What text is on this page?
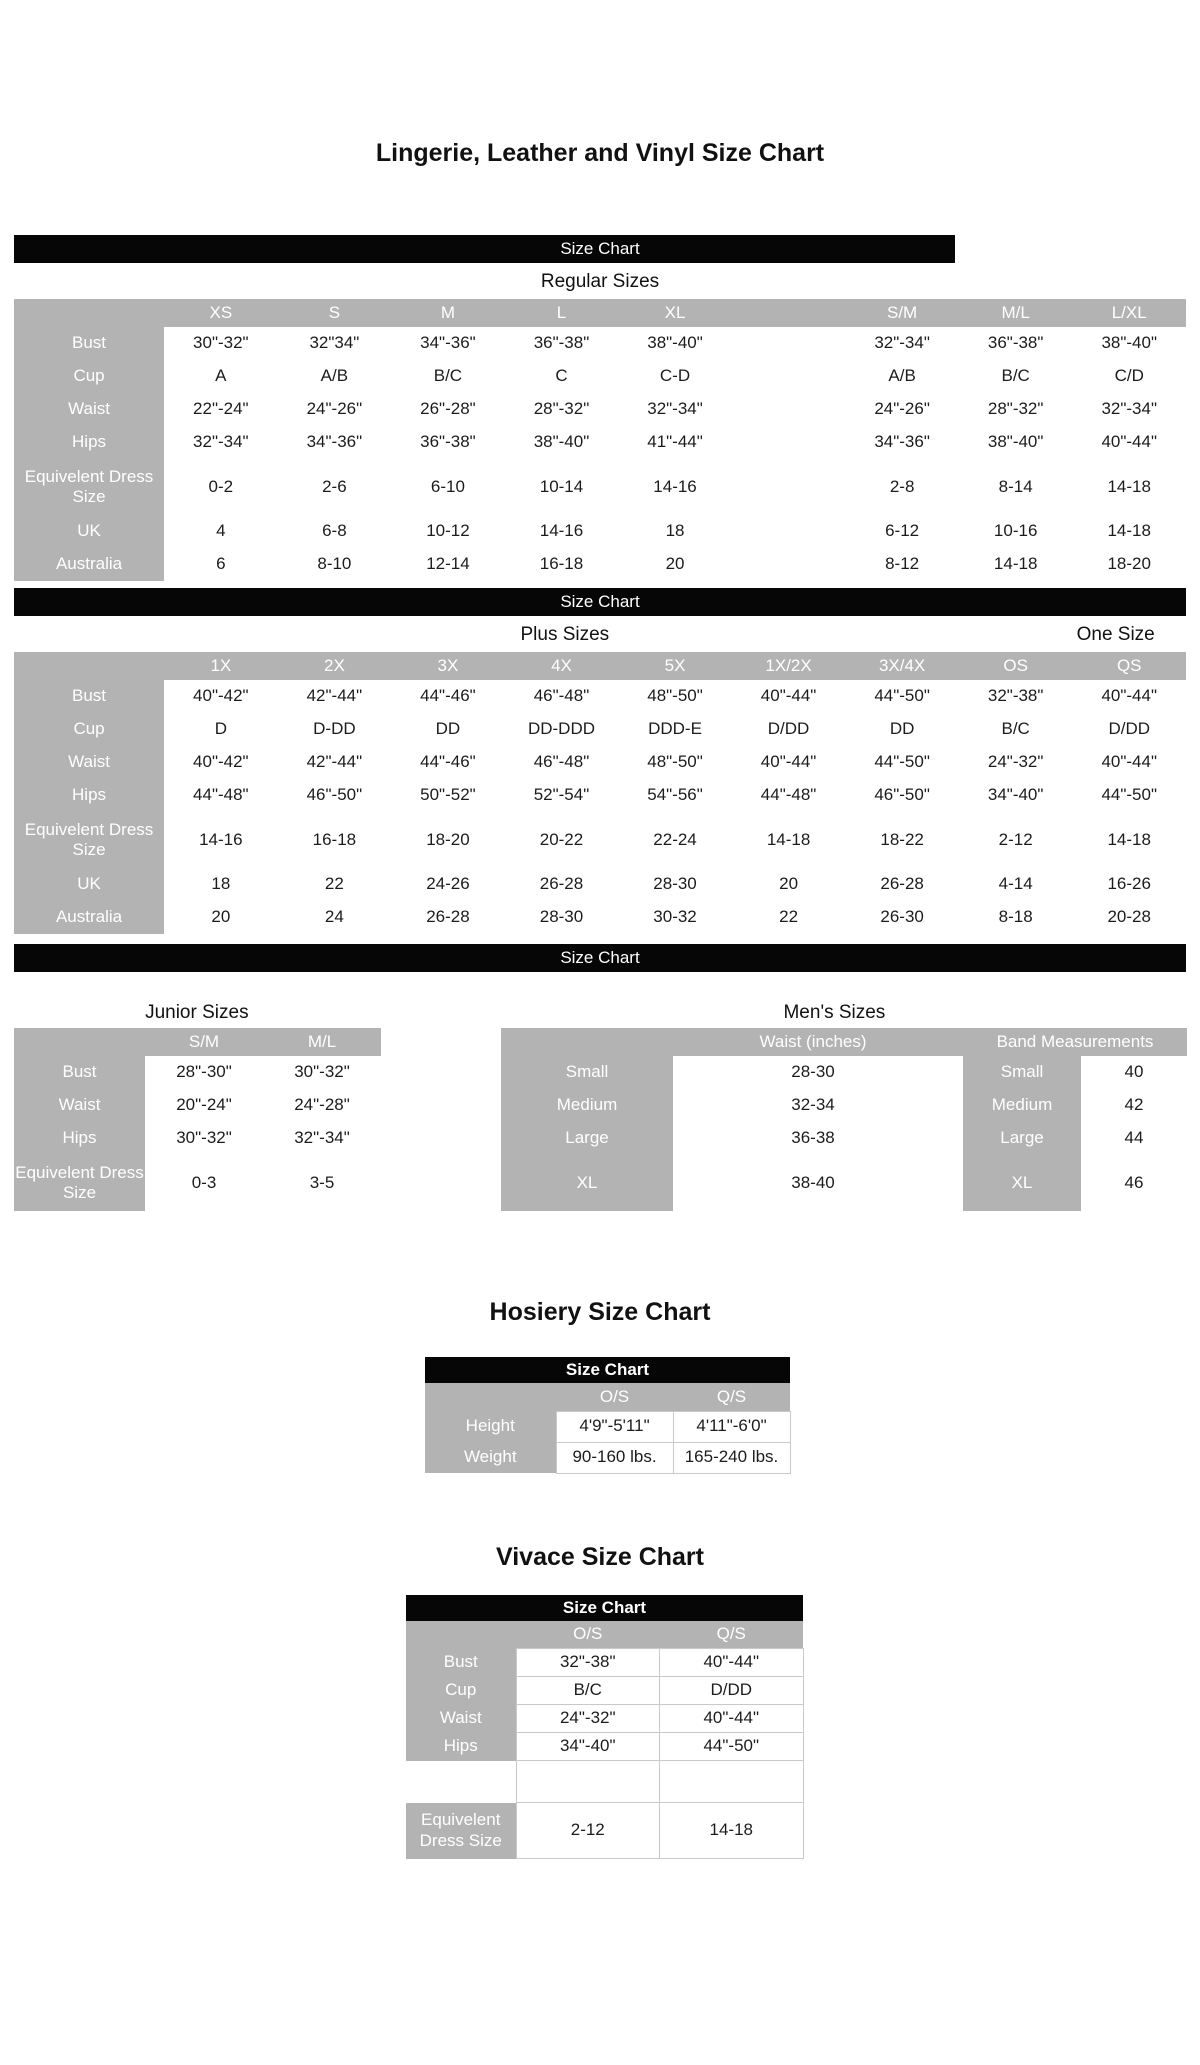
Lingerie, Leather and Vinyl Size Chart
Size Chart
Regular Sizes
	XS	S	M	L	XL		S/M	M/L	L/XL
Bust	30"-32"	32"34"	34"-36"	36"-38"	38"-40"		32"-34"	36"-38"	38"-40"
Cup	A	A/B	B/C	C	C-D		A/B	B/C	C/D
Waist	22"-24"	24"-26"	26"-28"	28"-32"	32"-34"		24"-26"	28"-32"	32"-34"
Hips	32"-34"	34"-36"	36"-38"	38"-40"	41"-44"		34"-36"	38"-40"	40"-44"
Equivelent Dress Size	0-2	2-6	6-10	10-14	14-16		2-8	8-14	14-18
UK	4	6-8	10-12	14-16	18		6-12	10-16	14-18
Australia	6	8-10	12-14	16-18	20		8-12	14-18	18-20
Size Chart
Plus Sizes	One Size
	1X	2X	3X	4X	5X	1X/2X	3X/4X	OS	QS
Bust	40"-42"	42"-44"	44"-46"	46"-48"	48"-50"	40"-44"	44"-50"	32"-38"	40"-44"
Cup	D	D-DD	DD	DD-DDD	DDD-E	D/DD	DD	B/C	D/DD
Waist	40"-42"	42"-44"	44"-46"	46"-48"	48"-50"	40"-44"	44"-50"	24"-32"	40"-44"
Hips	44"-48"	46"-50"	50"-52"	52"-54"	54"-56"	44"-48"	46"-50"	34"-40"	44"-50"
Equivelent Dress Size	14-16	16-18	18-20	20-22	22-24	14-18	18-22	2-12	14-18
UK	18	22	24-26	26-28	28-30	20	26-28	4-14	16-26
Australia	20	24	26-28	28-30	30-32	22	26-30	8-18	20-28
Size Chart
Junior Sizes	Men's Sizes
	S/M	M/L
Bust	28"-30"	30"-32"
Waist	20"-24"	24"-28"
Hips	30"-32"	32"-34"
Equivelent Dress Size	0-3	3-5
	Waist (inches)		Band Measurements	
Small	28-30		Small	40
Medium	32-34		Medium	42
Large	36-38		Large	44
XL	38-40		XL	46
Hosiery Size Chart
Size Chart
	O/S	Q/S
Height	4'9"-5'11"	4'11"-6'0"
Weight	90-160 lbs.	165-240 lbs.
Vivace Size Chart
Size Chart
	O/S	Q/S
Bust	32"-38"	40"-44"
Cup	B/C	D/DD
Waist	24"-32"	40"-44"
Hips	34"-40"	44"-50"

Equivelent Dress Size	2-12	14-18
